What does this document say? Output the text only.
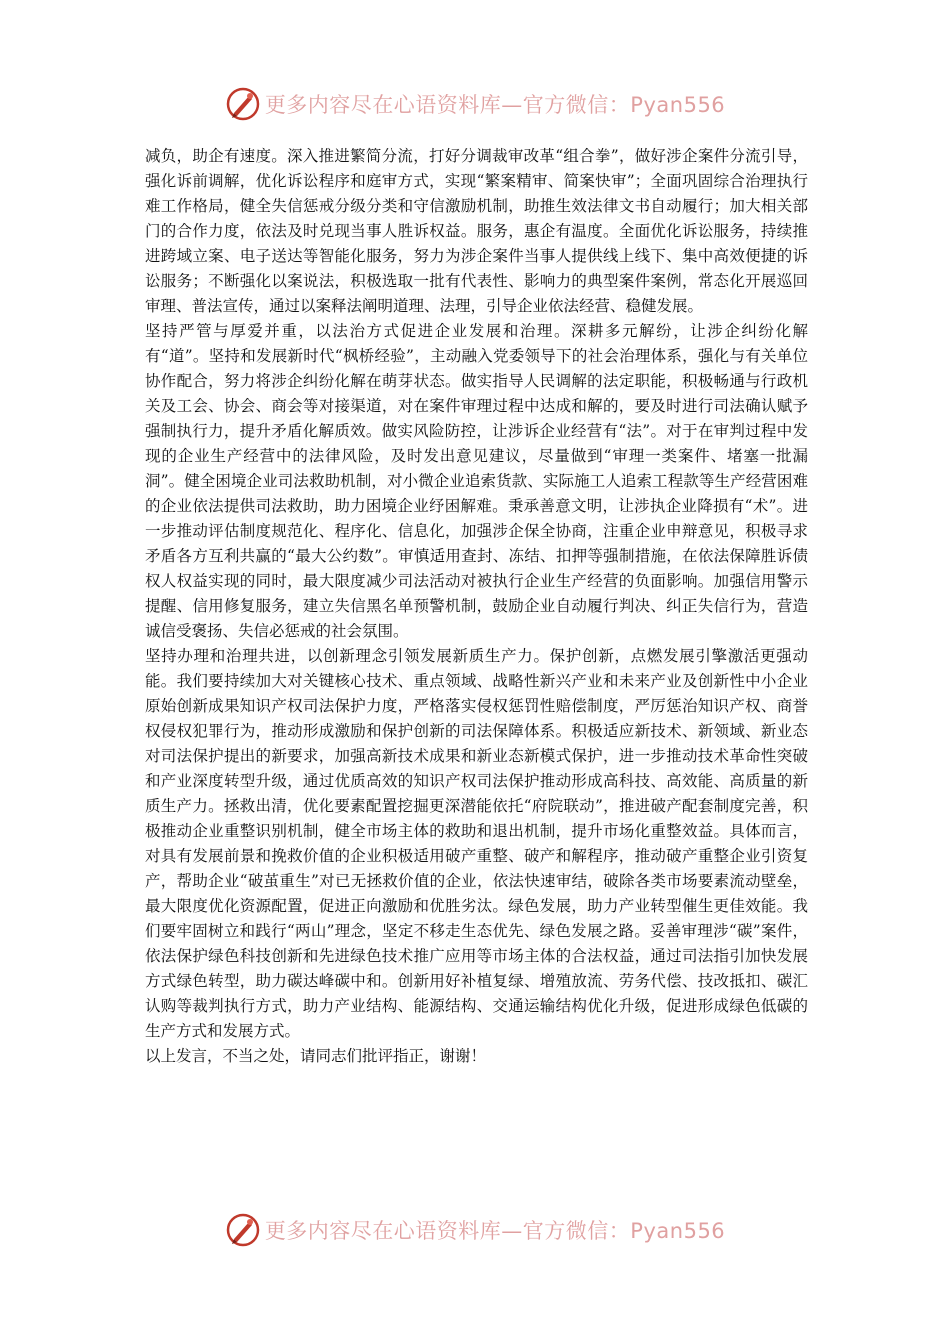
更多内容尽在心语资料库—官方微信：Pyan556

减负，助企有速度。深入推进繁简分流，打好分调裁审改革“组合拳”，做好涉企案件分流引导，强化诉前调解，优化诉讼程序和庭审方式，实现“繁案精审、简案快审”；全面巩固综合治理执行难工作格局，健全失信惩戒分级分类和守信激励机制，助推生效法律文书自动履行；加大相关部门的合作力度，依法及时兑现当事人胜诉权益。服务，惠企有温度。全面优化诉讼服务，持续推进跨域立案、电子送达等智能化服务，努力为涉企案件当事人提供线上线下、集中高效便捷的诉讼服务；不断强化以案说法，积极选取一批有代表性、影响力的典型案件案例，常态化开展巡回审理、普法宣传，通过以案释法阐明道理、法理，引导企业依法经营、稳健发展。

坚持严管与厚爱并重，以法治方式促进企业发展和治理。深耕多元解纷，让涉企纠纷化解有“道”。坚持和发展新时代“枫桥经验”，主动融入党委领导下的社会治理体系，强化与有关单位协作配合，努力将涉企纠纷化解在萌芽状态。做实指导人民调解的法定职能，积极畅通与行政机关及工会、协会、商会等对接渠道，对在案件审理过程中达成和解的，要及时进行司法确认赋予强制执行力，提升矛盾化解质效。做实风险防控，让涉诉企业经营有“法”。对于在审判过程中发现的企业生产经营中的法律风险，及时发出意见建议，尽量做到“审理一类案件、堵塞一批漏洞”。健全困境企业司法救助机制，对小微企业追索货款、实际施工人追索工程款等生产经营困难的企业依法提供司法救助，助力困境企业纾困解难。秉承善意文明，让涉执企业降损有“术”。进一步推动评估制度规范化、程序化、信息化，加强涉企保全协商，注重企业申辩意见，积极寻求矛盾各方互利共赢的“最大公约数”。审慎适用查封、冻结、扣押等强制措施，在依法保障胜诉债权人权益实现的同时，最大限度减少司法活动对被执行企业生产经营的负面影响。加强信用警示提醒、信用修复服务，建立失信黑名单预警机制，鼓励企业自动履行判决、纠正失信行为，营造诚信受褒扬、失信必惩戒的社会氛围。

坚持办理和治理共进，以创新理念引领发展新质生产力。保护创新，点燃发展引擎激活更强动能。我们要持续加大对关键核心技术、重点领域、战略性新兴产业和未来产业及创新性中小企业原始创新成果知识产权司法保护力度，严格落实侵权惩罚性赔偿制度，严厉惩治知识产权、商誉权侵权犯罪行为，推动形成激励和保护创新的司法保障体系。积极适应新技术、新领域、新业态对司法保护提出的新要求，加强高新技术成果和新业态新模式保护，进一步推动技术革命性突破和产业深度转型升级，通过优质高效的知识产权司法保护推动形成高科技、高效能、高质量的新质生产力。拯救出清，优化要素配置挖掘更深潜能依托“府院联动”，推进破产配套制度完善，积极推动企业重整识别机制，健全市场主体的救助和退出机制，提升市场化重整效益。具体而言，对具有发展前景和挽救价值的企业积极适用破产重整、破产和解程序，推动破产重整企业引资复产，帮助企业“破茧重生”对已无拯救价值的企业，依法快速审结，破除各类市场要素流动壁垒，最大限度优化资源配置，促进正向激励和优胜劣汰。绿色发展，助力产业转型催生更佳效能。我们要牢固树立和践行“两山”理念，坚定不移走生态优先、绿色发展之路。妥善审理涉“碳”案件，依法保护绿色科技创新和先进绿色技术推广应用等市场主体的合法权益，通过司法指引加快发展方式绿色转型，助力碳达峰碳中和。创新用好补植复绿、增殖放流、劳务代偿、技改抵扣、碳汇认购等裁判执行方式，助力产业结构、能源结构、交通运输结构优化升级，促进形成绿色低碳的生产方式和发展方式。

以上发言，不当之处，请同志们批评指正，谢谢！

更多内容尽在心语资料库—官方微信：Pyan556
